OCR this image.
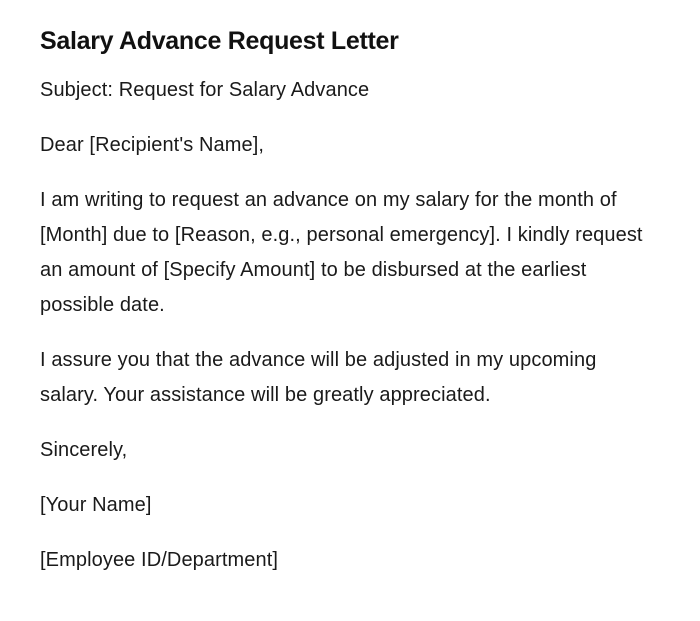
Salary Advance Request Letter

Subject: Request for Salary Advance

Dear [Recipient's Name],

I am writing to request an advance on my salary for the month of [Month] due to [Reason, e.g., personal emergency]. I kindly request an amount of [Specify Amount] to be disbursed at the earliest possible date.

I assure you that the advance will be adjusted in my upcoming salary. Your assistance will be greatly appreciated.

Sincerely,

[Your Name]

[Employee ID/Department]
